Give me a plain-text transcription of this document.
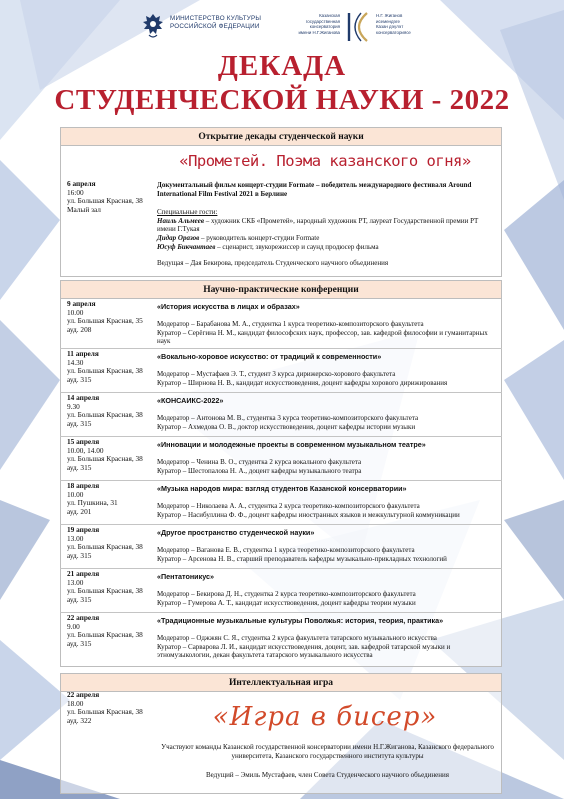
МИНИСТЕРСТВО КУЛЬТУРЫ
РОССИЙСКОЙ ФЕДЕРАЦИИ
Казанская
государственная
консерватория
имени Н.Г.Жиганова
Н.Г. Жиганов
исемендәге
Казан дәүләт
консерваториясе
ДЕКАДА
СТУДЕНЧЕСКОЙ НАУКИ - 2022
Открытие декады студенческой науки
6 апреля
16:00
ул. Большая Красная, 38
Малый зал
«Прометей. Поэма казанского огня»
Документальный фильм концерт-студии Formate – победитель международного фестиваля Around International Film Festival 2021 в Берлине
Специальные гости:
Наиль Альмеев – художник СКБ «Прометей», народный художник РТ, лауреат Государственной премии РТ имени Г.Тукая
Дидар Оразов – руководитель концерт-студии Formate
Юсуф Бикчантаев – сценарист, звукорежиссер и саунд продюсер фильма
Ведущая – Дая Бекирова, председатель Студенческого научного объединения
Научно-практические конференции
9 апреля
10.00
ул. Большая Красная, 35
ауд. 208
«История искусства в лицах и образах»
Модератор – Барабанова М. А., студентка 1 курса теоретико-композиторского факультета
Куратор – Серёгина Н. М., кандидат философских наук, профессор, зав. кафедрой философии и гуманитарных наук
11 апреля
14.30
ул. Большая Красная, 38
ауд. 315
«Вокально-хоровое искусство: от традиций к современности»
Модератор – Мустафаев Э. Т., студент 3 курса дирижерско-хорового факультета
Куратор – Ширнова Н. В., кандидат искусствоведения, доцент кафедры хорового дирижирования
14 апреля
9.30
ул. Большая Красная, 38
ауд. 315
«КОНСАИКС-2022»
Модератор – Антонова М. В., студентка 3 курса теоретико-композиторского факультета
Куратор – Ахмедова О. В., доктор искусствоведения, доцент кафедры истории музыки
15 апреля
10.00, 14.00
ул. Большая Красная, 38
ауд. 315
«Инновации и молодежные проекты в современном музыкальном театре»
Модератор – Ченина В. О., студентка 2 курса вокального факультета
Куратор – Шестопалова Н. А., доцент кафедры музыкального театра
18 апреля
10.00
ул. Пушкина, 31
ауд. 201
«Музыка народов мира: взгляд студентов Казанской консерватории»
Модератор – Николаева А. А., студентка 2 курса теоретико-композиторского факультета
Куратор – Насибуллина Ф. Ф., доцент кафедры иностранных языков и межкультурной коммуникации
19 апреля
13.00
ул. Большая Красная, 38
ауд. 315
«Другое пространство студенческой науки»
Модератор – Ваганова Е. В., студентка 1 курса теоретико-композиторского факультета
Куратор – Арсенова Н. В., старший преподаватель кафедры музыкально-прикладных технологий
21 апреля
13.00
ул. Большая Красная, 38
ауд. 315
«Пентатоникус»
Модератор – Бекирова Д. Н., студентка 2 курса теоретико-композиторского факультета
Куратор – Гумерова А. Т., кандидат искусствоведения, доцент кафедры теории музыки
22 апреля
9.00
ул. Большая Красная, 38
ауд. 315
«Традиционные музыкальные культуры Поволжья: история, теория, практика»
Модератор – Оджжян С. Я., студентка 2 курса факультета татарского музыкального искусства
Куратор – Сарварова Л. И., кандидат искусствоведения, доцент, зав. кафедрой татарской музыки и этномузыкологии, декан факультета татарского музыкального искусства
Интеллектуальная игра
22 апреля
18.00
ул. Большая Красная, 38
ауд. 322	«Игра в бисер»
Участвуют команды Казанской государственной консерватории имени Н.Г.Жиганова, Казанского федерального университета, Казанского государственного института культуры
Ведущий – Эмиль Мустафаев, член Совета Студенческого научного объединения
